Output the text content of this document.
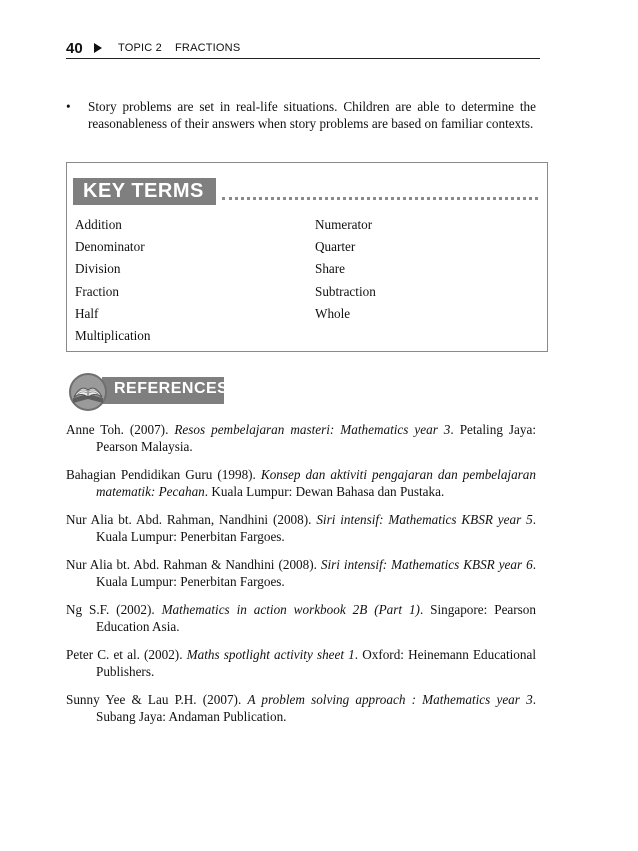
40	TOPIC 2    FRACTIONS
• Story problems are set in real-life situations. Children are able to determine the reasonableness of their answers when story problems are based on familiar contexts.
KEY TERMS
Addition
Denominator
Division
Fraction
Half
Multiplication
Numerator
Quarter
Share
Subtraction
Whole
REFERENCES
Anne Toh. (2007). Resos pembelajaran masteri: Mathematics year 3. Petaling Jaya: Pearson Malaysia.
Bahagian Pendidikan Guru (1998). Konsep dan aktiviti pengajaran dan pembelajaran matematik: Pecahan. Kuala Lumpur: Dewan Bahasa dan Pustaka.
Nur Alia bt. Abd. Rahman, Nandhini (2008). Siri intensif: Mathematics KBSR year 5. Kuala Lumpur: Penerbitan Fargoes.
Nur Alia bt. Abd. Rahman & Nandhini (2008). Siri intensif: Mathematics KBSR year 6. Kuala Lumpur: Penerbitan Fargoes.
Ng S.F. (2002). Mathematics in action workbook 2B (Part 1). Singapore: Pearson Education Asia.
Peter C. et al. (2002). Maths spotlight activity sheet 1. Oxford: Heinemann Educational Publishers.
Sunny Yee & Lau P.H. (2007). A problem solving approach : Mathematics year 3. Subang Jaya: Andaman Publication.
